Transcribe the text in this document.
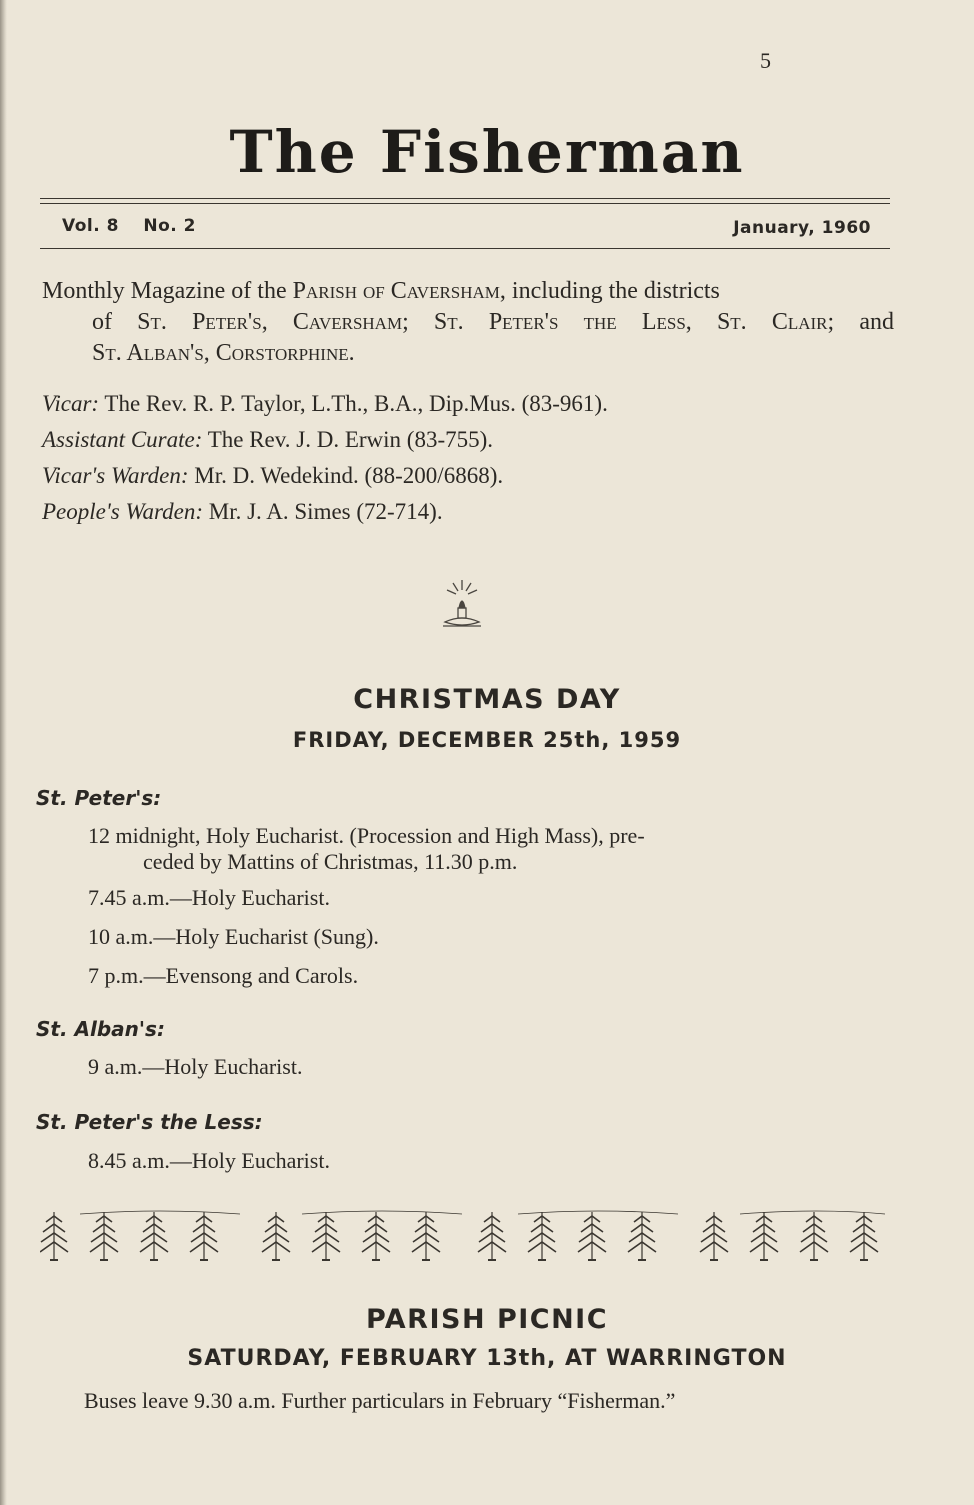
5
The Fisherman
Vol. 8 No. 2	January, 1960
Monthly Magazine of the Parish of Caversham, including the districts
of St. Peter's, Caversham; St. Peter's the Less, St. Clair; and
St. Alban's, Corstorphine.
Vicar: The Rev. R. P. Taylor, L.Th., B.A., Dip.Mus. (83-961).
Assistant Curate: The Rev. J. D. Erwin (83-755).
Vicar's Warden: Mr. D. Wedekind. (88-200/6868).
People's Warden: Mr. J. A. Simes (72-714).
CHRISTMAS DAY
FRIDAY, DECEMBER 25th, 1959
St. Peter's:
12 midnight, Holy Eucharist. (Procession and High Mass), pre-
ceded by Mattins of Christmas, 11.30 p.m.
7.45 a.m.—Holy Eucharist.
10 a.m.—Holy Eucharist (Sung).
7 p.m.—Evensong and Carols.
St. Alban's:
9 a.m.—Holy Eucharist.
St. Peter's the Less:
8.45 a.m.—Holy Eucharist.
PARISH PICNIC
SATURDAY, FEBRUARY 13th, AT WARRINGTON
Buses leave 9.30 a.m. Further particulars in February “Fisherman.”
